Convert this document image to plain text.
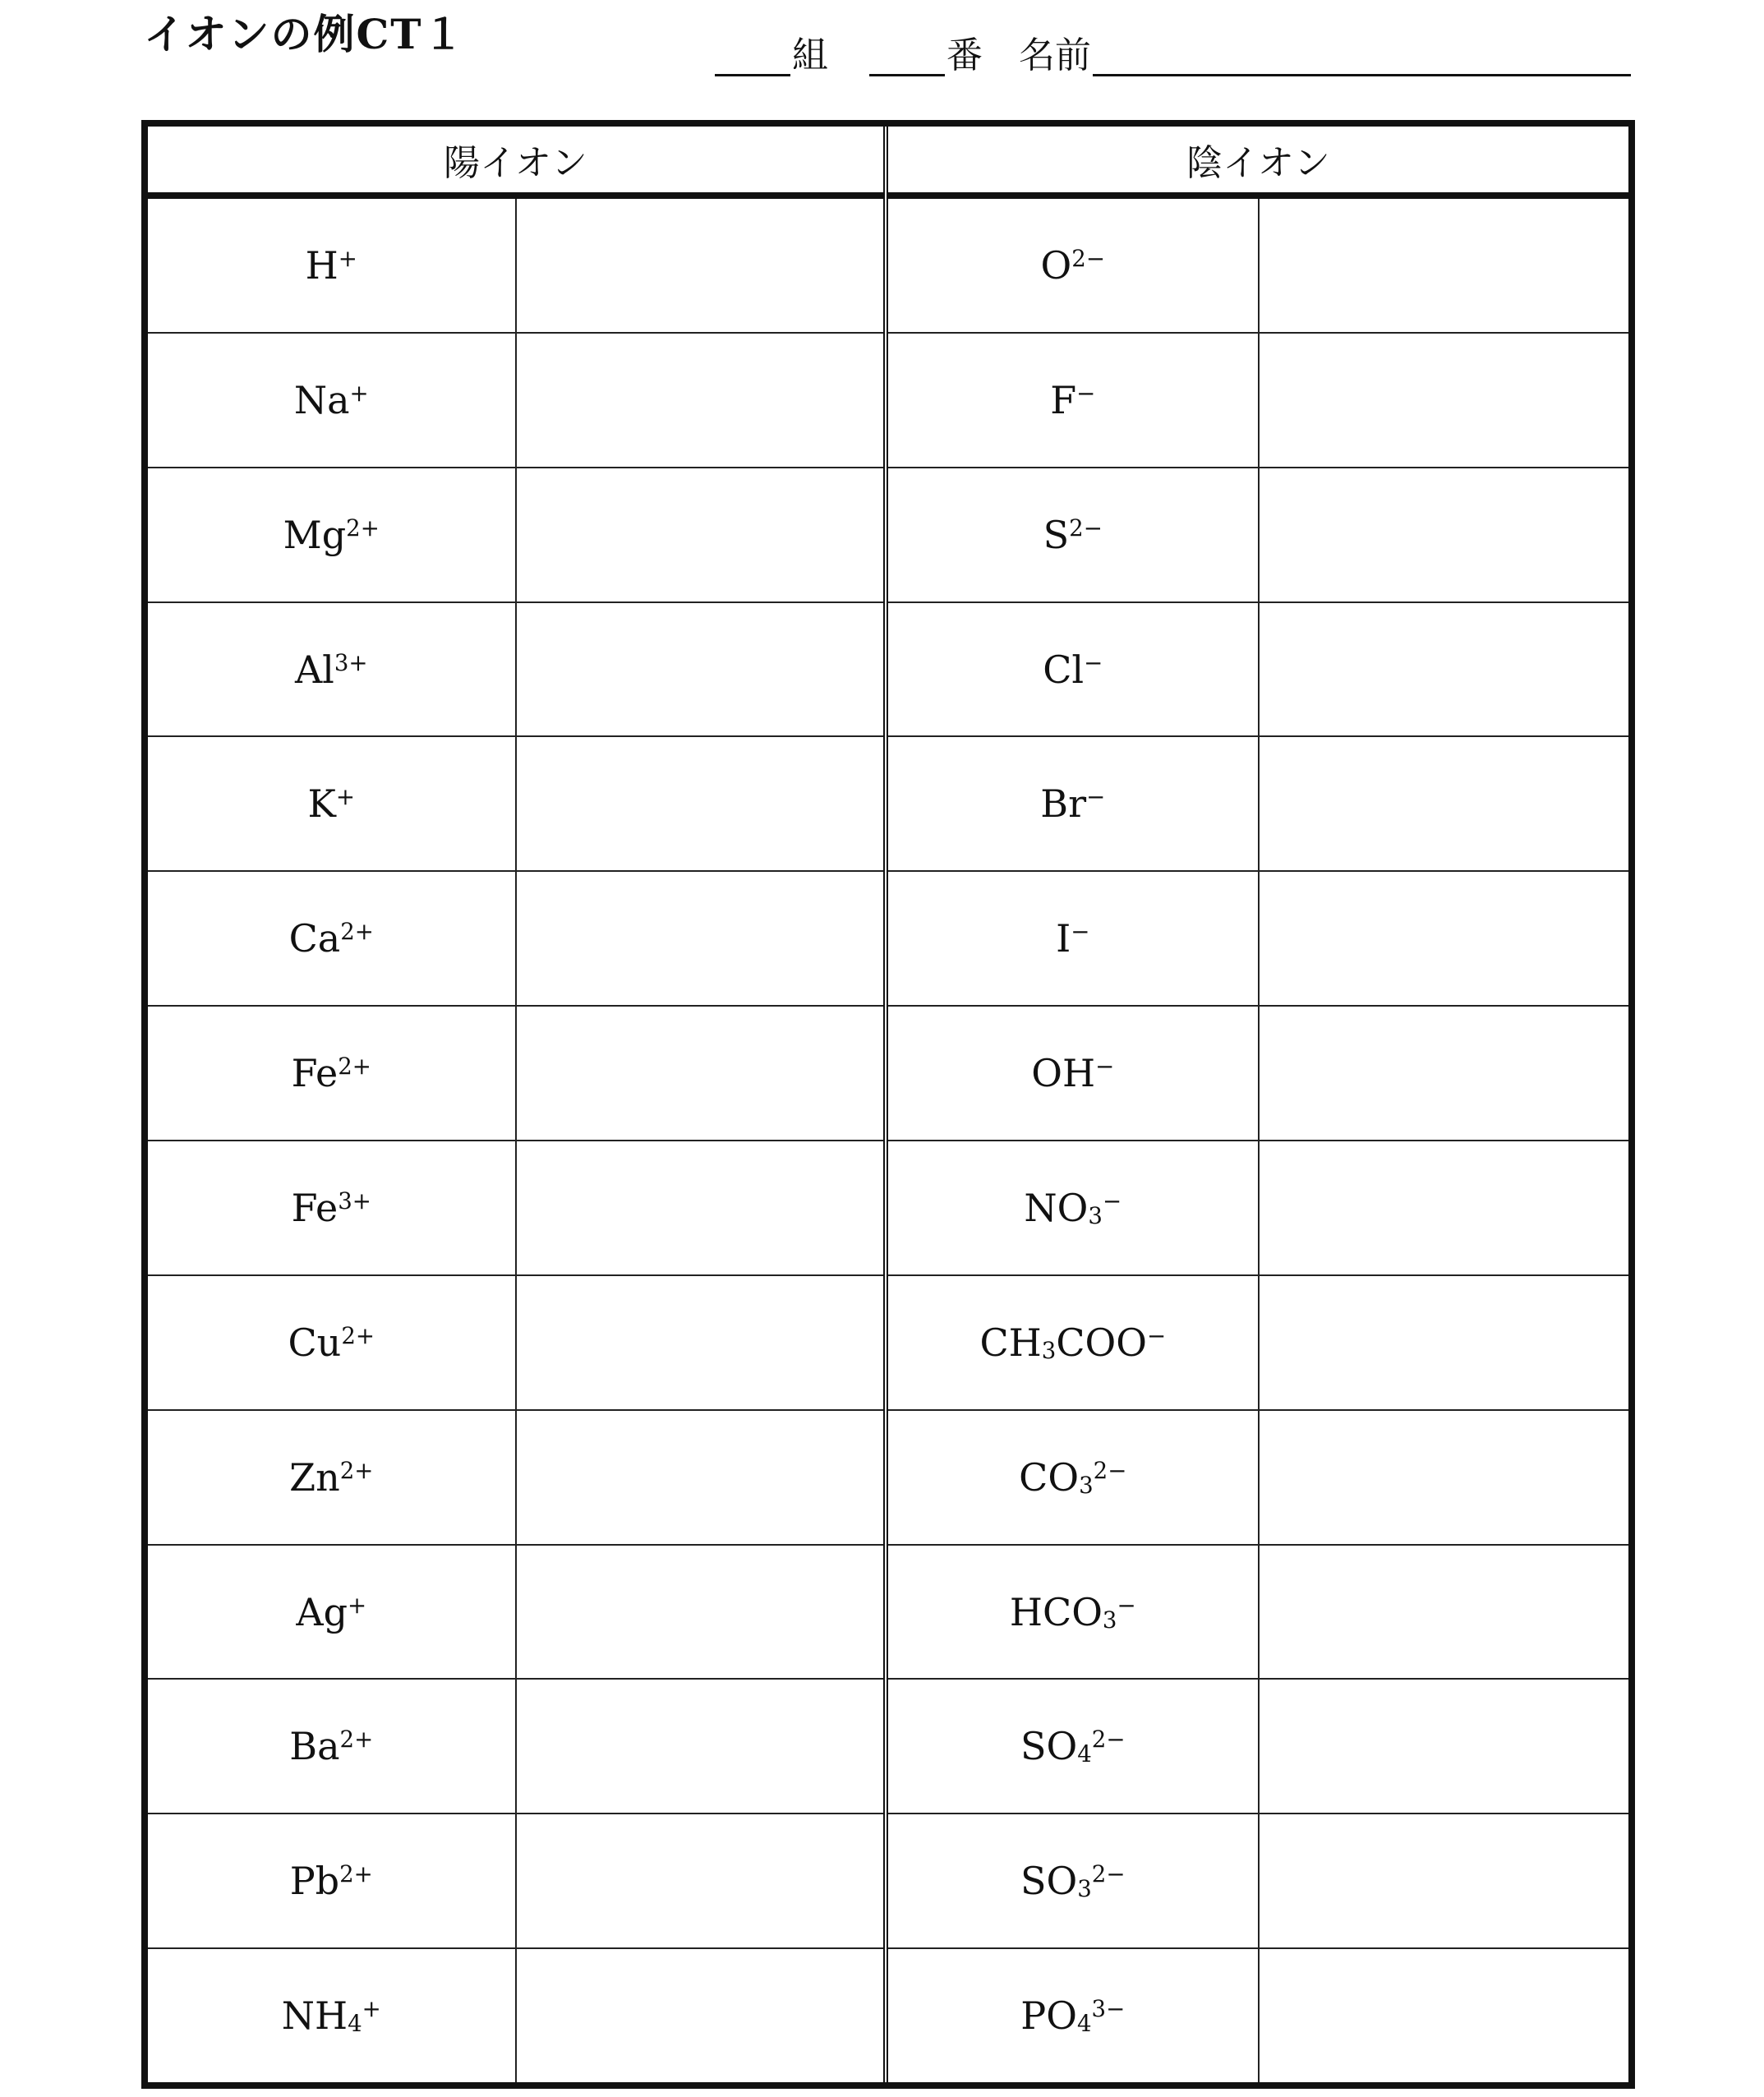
イオンの例CT１	組	番 名前
陽イオン
H+
Na+
$Mg^{2+}$
$Al^{3+}$
K+
$Ca^{2+}$
$Fe^{2+}$
$Fe^{3+}$
$Cu^{2+}$
$Zn^{2+}$
Ag+
$Ba^{2+}$
$Pb^{2+}$
$NH_4^+$
陰イオン
$O^{2-}$
F−
$S^{2-}$
Cl−
Br−
I−
OH−
$NO_3^-$
$CH_3COO^-$
$CO_3^{2-}$
$HCO_3^-$
$SO_4^{2-}$
$SO_3^{2-}$
$PO_4^{3-}$
